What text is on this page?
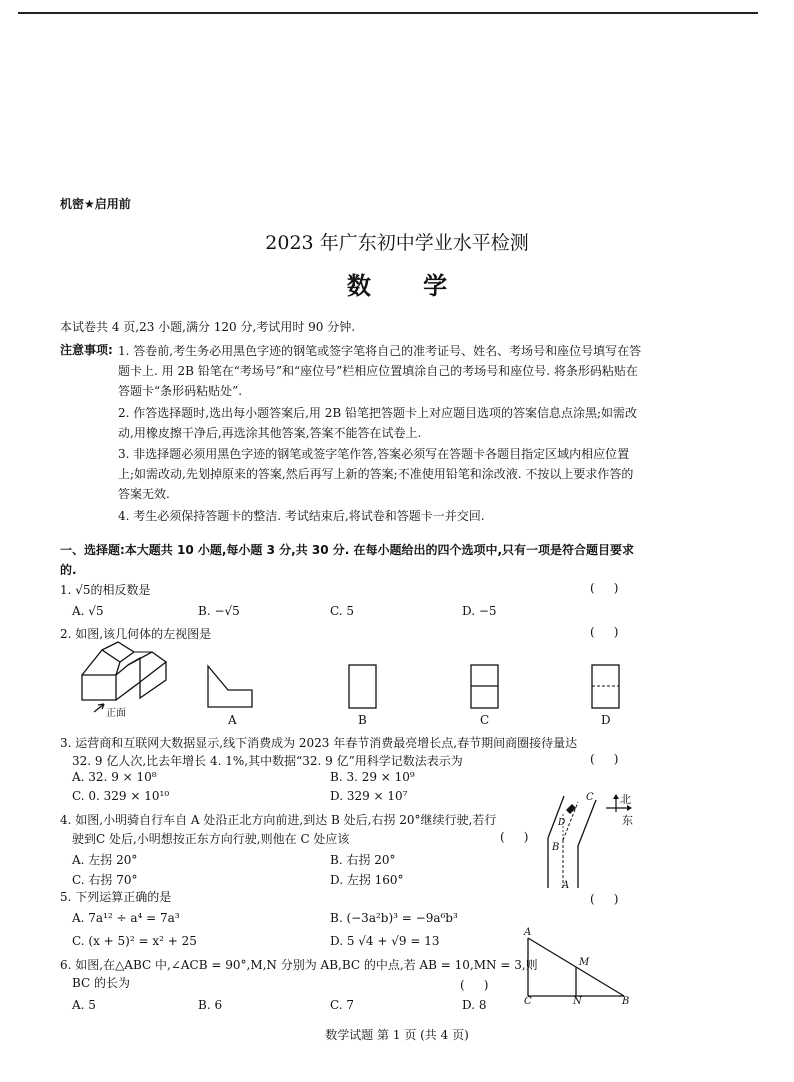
机密★启用前
2023 年广东初中学业水平检测
数 学
本试卷共 4 页,23 小题,满分 120 分,考试用时 90 分钟.
注意事项: 1. 答卷前,考生务必用黑色字迹的钢笔或签字笔将自己的准考证号、姓名、考场号和座位号填写在答题卡上. 用 2B 铅笔在“考场号”和“座位号”栏相应位置填涂自己的考场号和座位号. 将条形码粘贴在答题卡“条形码粘贴处”.
2. 作答选择题时,选出每小题答案后,用 2B 铅笔把答题卡上对应题目选项的答案信息点涂黑;如需改动,用橡皮擦干净后,再选涂其他答案,答案不能答在试卷上.
3. 非选择题必须用黑色字迹的钢笔或签字笔作答,答案必须写在答题卡各题目指定区域内相应位置上;如需改动,先划掉原来的答案,然后再写上新的答案;不准使用铅笔和涂改液. 不按以上要求作答的答案无效.
4. 考生必须保持答题卡的整洁. 考试结束后,将试卷和答题卡一并交回.
一、选择题:本大题共 10 小题,每小题 3 分,共 30 分. 在每小题给出的四个选项中,只有一项是符合题目要求的.
1. √5的相反数是	(     )
A. √5	B. −√5	C. 5	D. −5
2. 如图,该几何体的左视图是	(     )
正面	A	B	C	D
3. 运营商和互联网大数据显示,线下消费成为 2023 年春节消费最亮增长点,春节期间商圈接待量达
32. 9 亿人次,比去年增长 4. 1%,其中数据“32. 9 亿”用科学记数法表示为	(     )
A. 32. 9 × 10⁸	B. 3. 29 × 10⁹
C. 0. 329 × 10¹⁰	D. 329 × 10⁷
4. 如图,小明骑自行车自 A 处沿正北方向前进,到达 B 处后,右拐 20°继续行驶,若行
驶到C 处后,小明想按正东方向行驶,则他在 C 处应该	(     )
A. 左拐 20°	B. 右拐 20°
C. 右拐 70°	D. 左拐 160°
北
东
C
D
B
A
5. 下列运算正确的是	(     )
A. 7a¹² ÷ a⁴ = 7a³	B. (−3a²b)³ = −9a⁶b³
C. (x + 5)² = x² + 25	D. 5 √4 + √9 = 13
6. 如图,在△ABC 中,∠ACB = 90°,M,N 分别为 AB,BC 的中点,若 AB = 10,MN = 3,则
BC 的长为	(     )
A. 5	B. 6	C. 7	D. 8
A
M
C	N	B
数学试题 第 1 页 (共 4 页)
